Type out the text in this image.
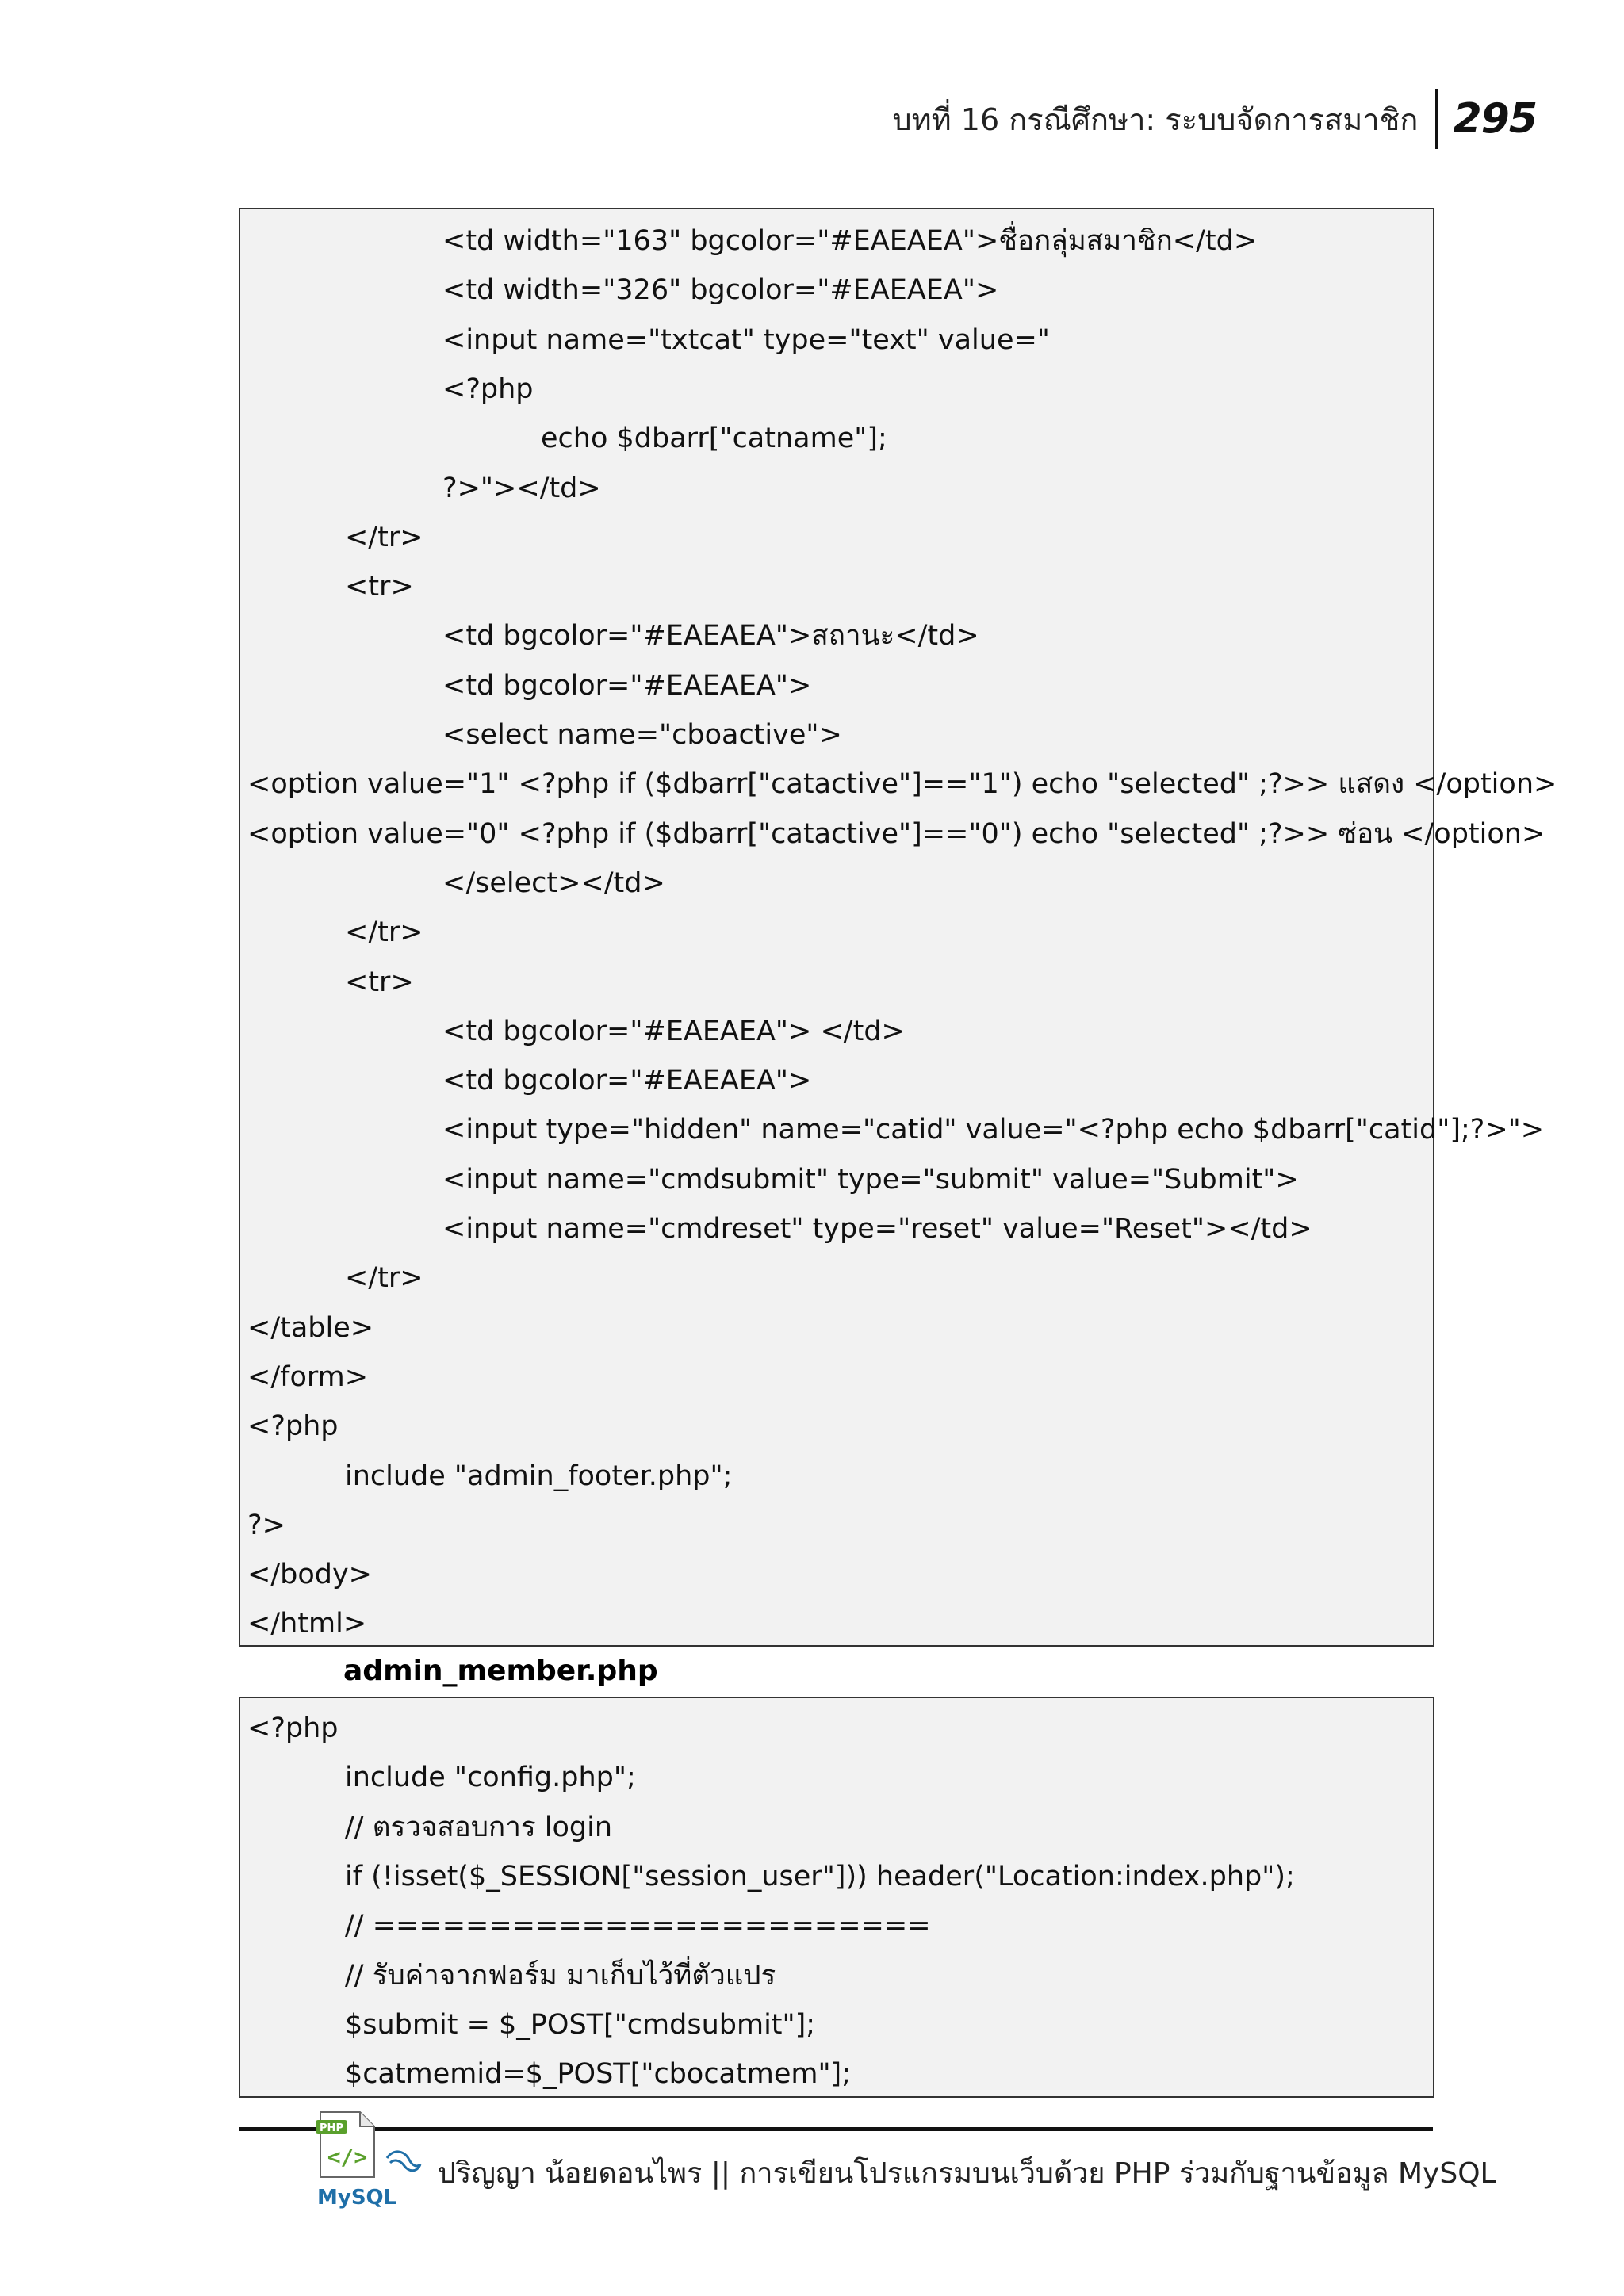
บทที่ 16 กรณีศึกษา: ระบบจัดการสมาชิก 295
<td width="163" bgcolor="#EAEAEA">ชื่อกลุ่มสมาชิก</td>
<td width="326" bgcolor="#EAEAEA">
<input name="txtcat" type="text" value="
<?php
echo $dbarr["catname"];
?>"></td>
</tr>
<tr>
<td bgcolor="#EAEAEA">สถานะ</td>
<td bgcolor="#EAEAEA">
<select name="cboactive">
<option value="1" <?php if ($dbarr["catactive"]=="1") echo "selected" ;?>> แสดง </option>
<option value="0" <?php if ($dbarr["catactive"]=="0") echo "selected" ;?>> ซ่อน </option>
</select></td>
</tr>
<tr>
<td bgcolor="#EAEAEA"> </td>
<td bgcolor="#EAEAEA">
<input type="hidden" name="catid" value="<?php echo $dbarr["catid"];?>">
<input name="cmdsubmit" type="submit" value="Submit">
<input name="cmdreset" type="reset" value="Reset"></td>
</tr>
</table>
</form>
<?php
include "admin_footer.php";
?>
</body>
</html>
admin_member.php
<?php
include "config.php";
// ตรวจสอบการ login
if (!isset($_SESSION["session_user"])) header("Location:index.php");
// ========================
// รับค่าจากฟอร์ม มาเก็บไว้ที่ตัวแปร
$submit = $_POST["cmdsubmit"];
$catmemid=$_POST["cbocatmem"];
PHP
</>
MySQL
ปริญญา น้อยดอนไพร || การเขียนโปรแกรมบนเว็บด้วย PHP ร่วมกับฐานข้อมูล MySQL
